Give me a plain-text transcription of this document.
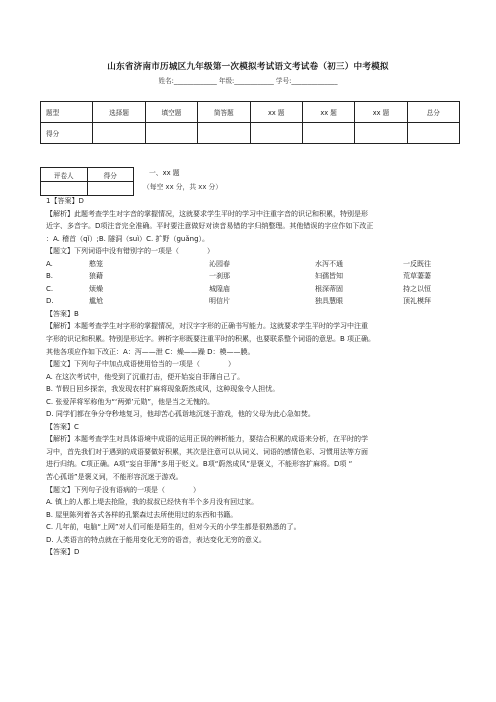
山东省济南市历城区九年级第一次模拟考试语文考试卷（初三）中考模拟
姓名:_____________ 年级:____________ 学号:______________
题型	选择题	填空题	简答题	xx 题	xx 题	xx 题	总分
得分							
评卷人	得分
		一、xx 题
（每空 xx 分，共 xx 分）
1【答案】D
【解析】此题考查学生对字音的掌握情况，这就要求学生平时的学习中注重字音的识记和积累，特别是形
近字、多音字。D项注音完全准确。平时要注意做好对读音易错的字归纳整理。其他错误的字应作如下改正
：A. 稽首（qǐ）;B. 隧洞（suì）C. 扩野（guǎng）。
【题文】下列词语中没有错别字的一项是（　　　　）
A.	憨笼	沁园春	水泻不通	一反既往
B.	狼藉	一刹那	妇孺皆知	荒草萋萋
C.	烦燥	城隍庙	根深蒂固	持之以恒
D.	尴尬	明信片	独具慧眼	顶礼模拜
【答案】B
【解析】本题考查学生对字形的掌握情况，对汉字字形的正确书写能力。这就要求学生平时的学习中注重
字形的识记和积累。特别是形近字。辨析字形既要注重平时的积累，也要联系整个词语的意思。B 项正确。
其他各项应作如下改正：A：泻——泄 C：燥——躁 D：模——膜。
【题文】下列句子中加点成语使用恰当的一项是（　　　　）
A. 在这次考试中，他受到了沉重打击，便开始妄自菲薄自己了。
B. 节假日回乡探亲，我发现农村扩麻将现象蔚然成风，这种现象令人担忧。
C. 张爱萍将军称他为“‘两弹’元勋”，他是当之无愧的。
D. 同学们都在争分夺秒地复习，他却苦心孤诣地沉迷于游戏，他的父母为此心急如焚。
【答案】C
【解析】本题考查学生对具体语境中成语的运用正误的辨析能力，要结合积累的成语来分析，在平时的学
习中，首先我们对于遇到的成语要做好积累，其次是注意可以从词义、词语的感情色彩、习惯用法等方面
进行归纳。C项正确。A项“妄自菲薄”多用于贬义。B项“蔚然成风”是褒义，不能形容扩麻将。D项 “
苦心孤诣”是褒义词，不能形容沉迷于游戏。
【题文】下列句子没有语病的一项是（　　　　）
A. 镇上的人都上堤去抢险，我的叔叔已经快有半个多月没有回过家。
B. 屋里陈列着各式各样的孔繁森过去所使用过的东西和书籍。
C. 几年前，电脑“上网”对人们可能是陌生的，但对今天的小学生都是很熟悉的了。
D. 人类语言的特点就在于能用变化无穷的语音，表达变化无穷的意义。
【答案】D
